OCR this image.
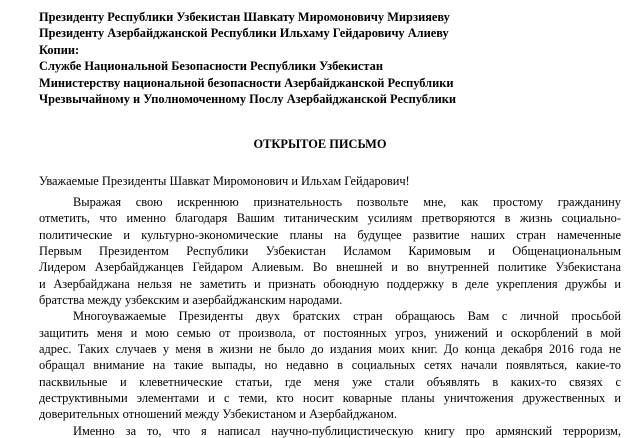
Президенту Республики Узбекистан Шавкату Миромоновичу Мирзияеву
Президенту Азербайджанской Республики Ильхаму Гейдаровичу Алиеву
Копии:
Службе Национальной Безопасности Республики Узбекистан
Министерству национальной безопасности Азербайджанской Республики
Чрезвычайному и Уполномоченному Послу Азербайджанской Республики
ОТКРЫТОЕ ПИСЬМО
Уважаемые Президенты Шавкат Миромонович и Ильхам Гейдарович!
Выражая свою искреннюю признательность позвольте мне, как простому гражданину
отметить, что именно благодаря Вашим титаническим усилиям претворяются в жизнь социально-
политические и культурно-экономические планы на будущее развитие наших стран намеченные
Первым Президентом Республики Узбекистан Исламом Каримовым и Общенациональным
Лидером Азербайджанцев Гейдаром Алиевым. Во внешней и во внутренней политике Узбекистана
и Азербайджана нельзя не заметить и признать обоюдную поддержку в деле укрепления дружбы и
братства между узбекским и азербайджанским народами.
Многоуважаемые Президенты двух братских стран обращаюсь Вам с личной просьбой
защитить меня и мою семью от произвола, от постоянных угроз, унижений и оскорблений в мой
адрес. Таких случаев у меня в жизни не было до издания моих книг. До конца декабря 2016 года не
обращал внимание на такие выпады, но недавно в социальных сетях начали появляться, какие-то
пасквильные и клеветнические статьи, где меня уже стали объявлять в каких-то связях с
деструктивными элементами и с теми, кто носит коварные планы уничтожения дружественных и
доверительных отношений между Узбекистаном и Азербайджаном.
Именно за то, что я написал научно-публицистическую книгу про армянский терроризм,
